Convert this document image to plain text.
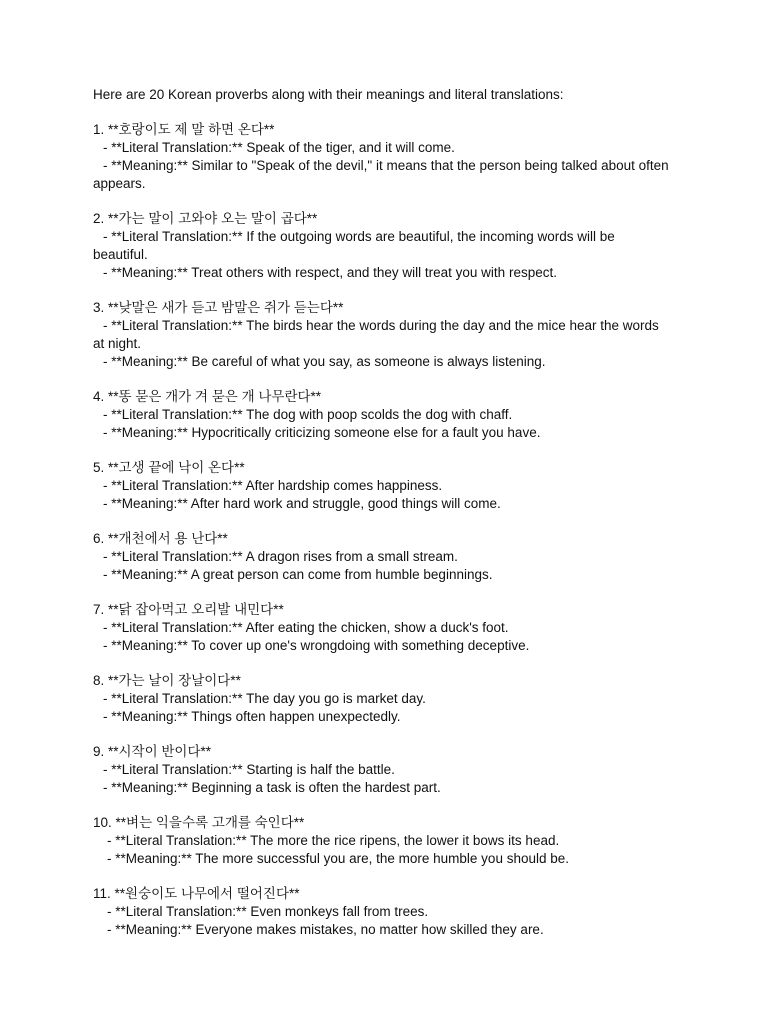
Here are 20 Korean proverbs along with their meanings and literal translations:
1. **호랑이도 제 말 하면 온다**
- **Literal Translation:** Speak of the tiger, and it will come.
- **Meaning:** Similar to "Speak of the devil," it means that the person being talked about often appears.
2. **가는 말이 고와야 오는 말이 곱다**
- **Literal Translation:** If the outgoing words are beautiful, the incoming words will be beautiful.
- **Meaning:** Treat others with respect, and they will treat you with respect.
3. **낮말은 새가 듣고 밤말은 쥐가 듣는다**
- **Literal Translation:** The birds hear the words during the day and the mice hear the words at night.
- **Meaning:** Be careful of what you say, as someone is always listening.
4. **똥 묻은 개가 겨 묻은 개 나무란다**
- **Literal Translation:** The dog with poop scolds the dog with chaff.
- **Meaning:** Hypocritically criticizing someone else for a fault you have.
5. **고생 끝에 낙이 온다**
- **Literal Translation:** After hardship comes happiness.
- **Meaning:** After hard work and struggle, good things will come.
6. **개천에서 용 난다**
- **Literal Translation:** A dragon rises from a small stream.
- **Meaning:** A great person can come from humble beginnings.
7. **닭 잡아먹고 오리발 내민다**
- **Literal Translation:** After eating the chicken, show a duck's foot.
- **Meaning:** To cover up one's wrongdoing with something deceptive.
8. **가는 날이 장날이다**
- **Literal Translation:** The day you go is market day.
- **Meaning:** Things often happen unexpectedly.
9. **시작이 반이다**
- **Literal Translation:** Starting is half the battle.
- **Meaning:** Beginning a task is often the hardest part.
10. **벼는 익을수록 고개를 숙인다**
- **Literal Translation:** The more the rice ripens, the lower it bows its head.
- **Meaning:** The more successful you are, the more humble you should be.
11. **원숭이도 나무에서 떨어진다**
- **Literal Translation:** Even monkeys fall from trees.
- **Meaning:** Everyone makes mistakes, no matter how skilled they are.
